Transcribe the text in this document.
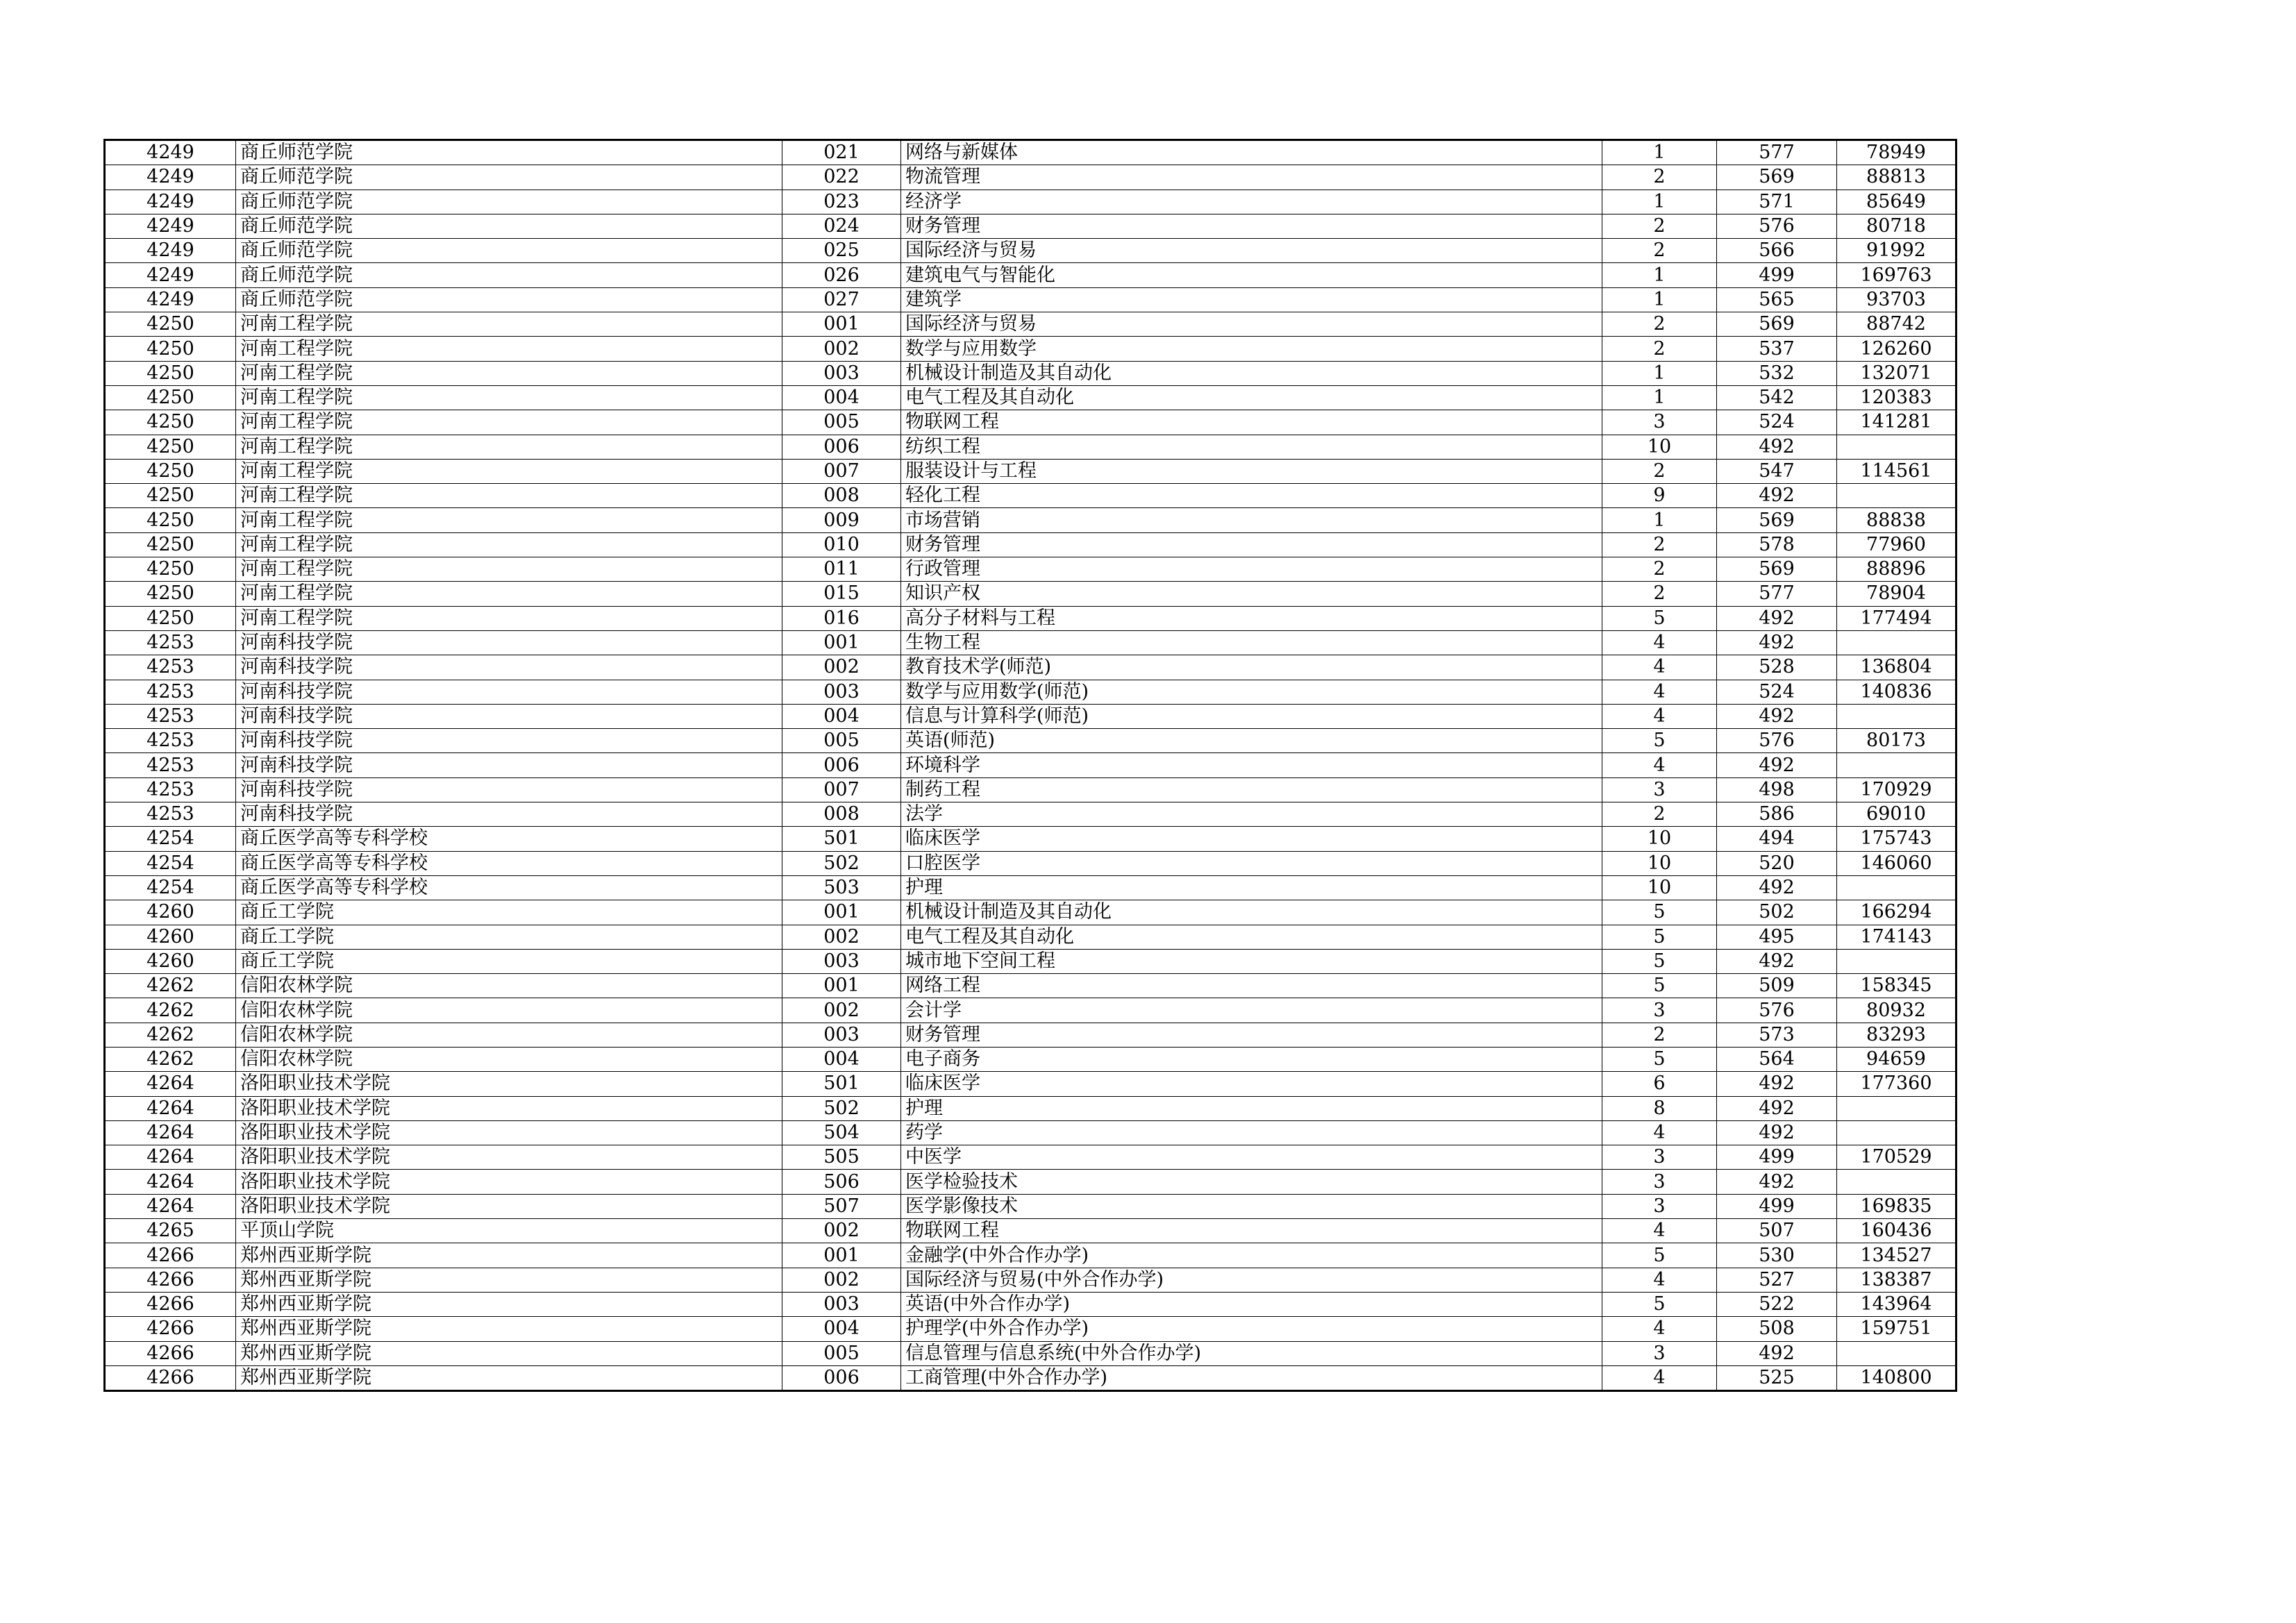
4249	商丘师范学院	021	网络与新媒体	1	577	78949
4249	商丘师范学院	022	物流管理	2	569	88813
4249	商丘师范学院	023	经济学	1	571	85649
4249	商丘师范学院	024	财务管理	2	576	80718
4249	商丘师范学院	025	国际经济与贸易	2	566	91992
4249	商丘师范学院	026	建筑电气与智能化	1	499	169763
4249	商丘师范学院	027	建筑学	1	565	93703
4250	河南工程学院	001	国际经济与贸易	2	569	88742
4250	河南工程学院	002	数学与应用数学	2	537	126260
4250	河南工程学院	003	机械设计制造及其自动化	1	532	132071
4250	河南工程学院	004	电气工程及其自动化	1	542	120383
4250	河南工程学院	005	物联网工程	3	524	141281
4250	河南工程学院	006	纺织工程	10	492	
4250	河南工程学院	007	服装设计与工程	2	547	114561
4250	河南工程学院	008	轻化工程	9	492	
4250	河南工程学院	009	市场营销	1	569	88838
4250	河南工程学院	010	财务管理	2	578	77960
4250	河南工程学院	011	行政管理	2	569	88896
4250	河南工程学院	015	知识产权	2	577	78904
4250	河南工程学院	016	高分子材料与工程	5	492	177494
4253	河南科技学院	001	生物工程	4	492	
4253	河南科技学院	002	教育技术学(师范)	4	528	136804
4253	河南科技学院	003	数学与应用数学(师范)	4	524	140836
4253	河南科技学院	004	信息与计算科学(师范)	4	492	
4253	河南科技学院	005	英语(师范)	5	576	80173
4253	河南科技学院	006	环境科学	4	492	
4253	河南科技学院	007	制药工程	3	498	170929
4253	河南科技学院	008	法学	2	586	69010
4254	商丘医学高等专科学校	501	临床医学	10	494	175743
4254	商丘医学高等专科学校	502	口腔医学	10	520	146060
4254	商丘医学高等专科学校	503	护理	10	492	
4260	商丘工学院	001	机械设计制造及其自动化	5	502	166294
4260	商丘工学院	002	电气工程及其自动化	5	495	174143
4260	商丘工学院	003	城市地下空间工程	5	492	
4262	信阳农林学院	001	网络工程	5	509	158345
4262	信阳农林学院	002	会计学	3	576	80932
4262	信阳农林学院	003	财务管理	2	573	83293
4262	信阳农林学院	004	电子商务	5	564	94659
4264	洛阳职业技术学院	501	临床医学	6	492	177360
4264	洛阳职业技术学院	502	护理	8	492	
4264	洛阳职业技术学院	504	药学	4	492	
4264	洛阳职业技术学院	505	中医学	3	499	170529
4264	洛阳职业技术学院	506	医学检验技术	3	492	
4264	洛阳职业技术学院	507	医学影像技术	3	499	169835
4265	平顶山学院	002	物联网工程	4	507	160436
4266	郑州西亚斯学院	001	金融学(中外合作办学)	5	530	134527
4266	郑州西亚斯学院	002	国际经济与贸易(中外合作办学)	4	527	138387
4266	郑州西亚斯学院	003	英语(中外合作办学)	5	522	143964
4266	郑州西亚斯学院	004	护理学(中外合作办学)	4	508	159751
4266	郑州西亚斯学院	005	信息管理与信息系统(中外合作办学)	3	492	
4266	郑州西亚斯学院	006	工商管理(中外合作办学)	4	525	140800
